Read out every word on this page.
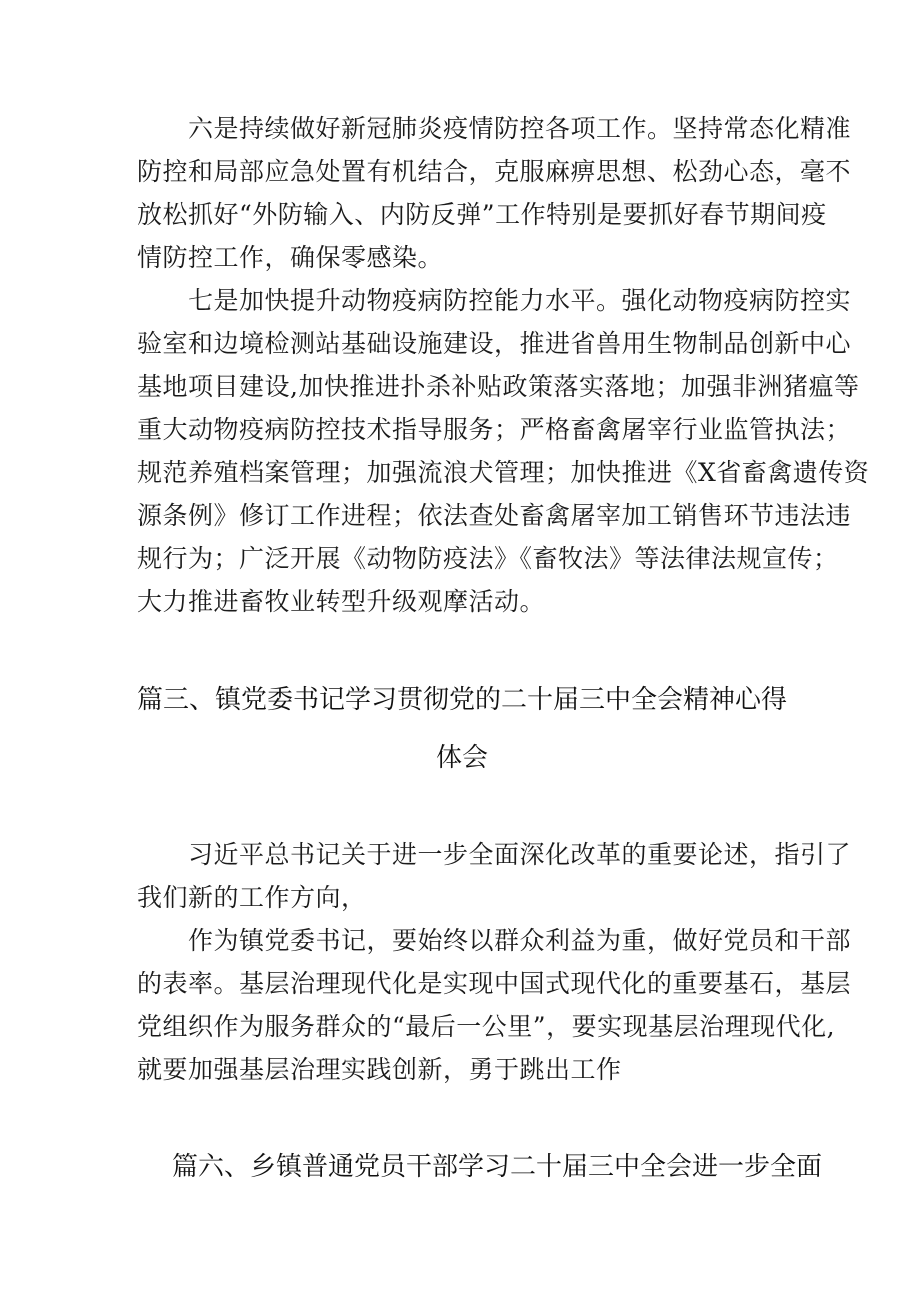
六是持续做好新冠肺炎疫情防控各项工作。坚持常态化精准
防控和局部应急处置有机结合，克服麻痹思想、松劲心态，毫不
放松抓好“外防输入、内防反弹”工作特别是要抓好春节期间疫
情防控工作，确保零感染。
七是加快提升动物疫病防控能力水平。强化动物疫病防控实
验室和边境检测站基础设施建设，推进省兽用生物制品创新中心
基地项目建设,加快推进扑杀补贴政策落实落地；加强非洲猪瘟等
重大动物疫病防控技术指导服务；严格畜禽屠宰行业监管执法；
规范养殖档案管理；加强流浪犬管理；加快推进《X省畜禽遗传资
源条例》修订工作进程；依法查处畜禽屠宰加工销售环节违法违
规行为；广泛开展《动物防疫法》《畜牧法》等法律法规宣传；
大力推进畜牧业转型升级观摩活动。
篇三、镇党委书记学习贯彻党的二十届三中全会精神心得
体会
习近平总书记关于进一步全面深化改革的重要论述，指引了
我们新的工作方向，
作为镇党委书记，要始终以群众利益为重，做好党员和干部
的表率。基层治理现代化是实现中国式现代化的重要基石，基层
党组织作为服务群众的“最后一公里”，要实现基层治理现代化,
就要加强基层治理实践创新，勇于跳出工作
篇六、乡镇普通党员干部学习二十届三中全会进一步全面
